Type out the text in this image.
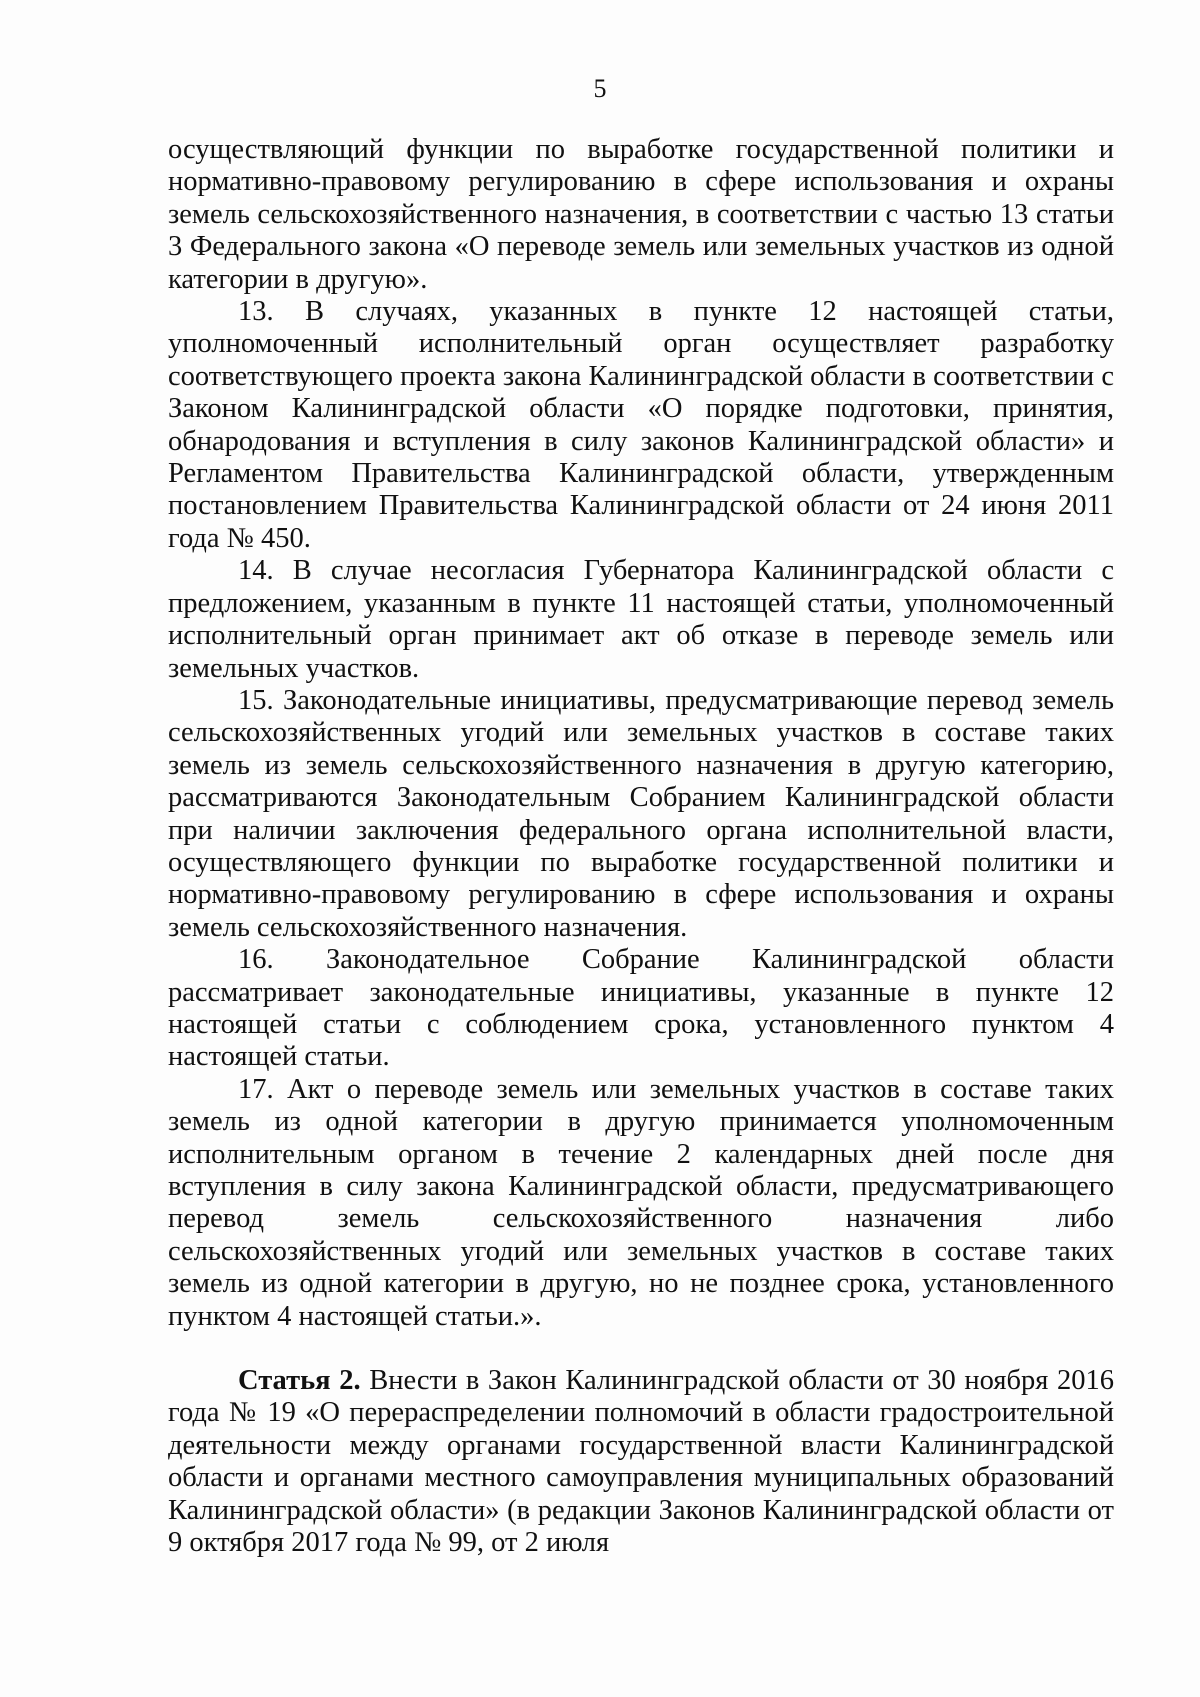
5

осуществляющий функции по выработке государственной политики и нормативно-правовому регулированию в сфере использования и охраны земель сельскохозяйственного назначения, в соответствии с частью 13 статьи 3 Федерального закона «О переводе земель или земельных участков из одной категории в другую».

13. В случаях, указанных в пункте 12 настоящей статьи, уполномоченный исполнительный орган осуществляет разработку соответствующего проекта закона Калининградской области в соответствии с Законом Калининградской области «О порядке подготовки, принятия, обнародования и вступления в силу законов Калининградской области» и Регламентом Правительства Калининградской области, утвержденным постановлением Правительства Калининградской области от 24 июня 2011 года № 450.

14. В случае несогласия Губернатора Калининградской области с предложением, указанным в пункте 11 настоящей статьи, уполномоченный исполнительный орган принимает акт об отказе в переводе земель или земельных участков.

15. Законодательные инициативы, предусматривающие перевод земель сельскохозяйственных угодий или земельных участков в составе таких земель из земель сельскохозяйственного назначения в другую категорию, рассматриваются Законодательным Собранием Калининградской области при наличии заключения федерального органа исполнительной власти, осуществляющего функции по выработке государственной политики и нормативно-правовому регулированию в сфере использования и охраны земель сельскохозяйственного назначения.

16. Законодательное Собрание Калининградской области рассматривает законодательные инициативы, указанные в пункте 12 настоящей статьи с соблюдением срока, установленного пунктом 4 настоящей статьи.

17. Акт о переводе земель или земельных участков в составе таких земель из одной категории в другую принимается уполномоченным исполнительным органом в течение 2 календарных дней после дня вступления в силу закона Калининградской области, предусматривающего перевод земель сельскохозяйственного назначения либо сельскохозяйственных угодий или земельных участков в составе таких земель из одной категории в другую, но не позднее срока, установленного пунктом 4 настоящей статьи.».

Статья 2. Внести в Закон Калининградской области от 30 ноября 2016 года № 19 «О перераспределении полномочий в области градостроительной деятельности между органами государственной власти Калининградской области и органами местного самоуправления муниципальных образований Калининградской области» (в редакции Законов Калининградской области от 9 октября 2017 года № 99, от 2 июля
